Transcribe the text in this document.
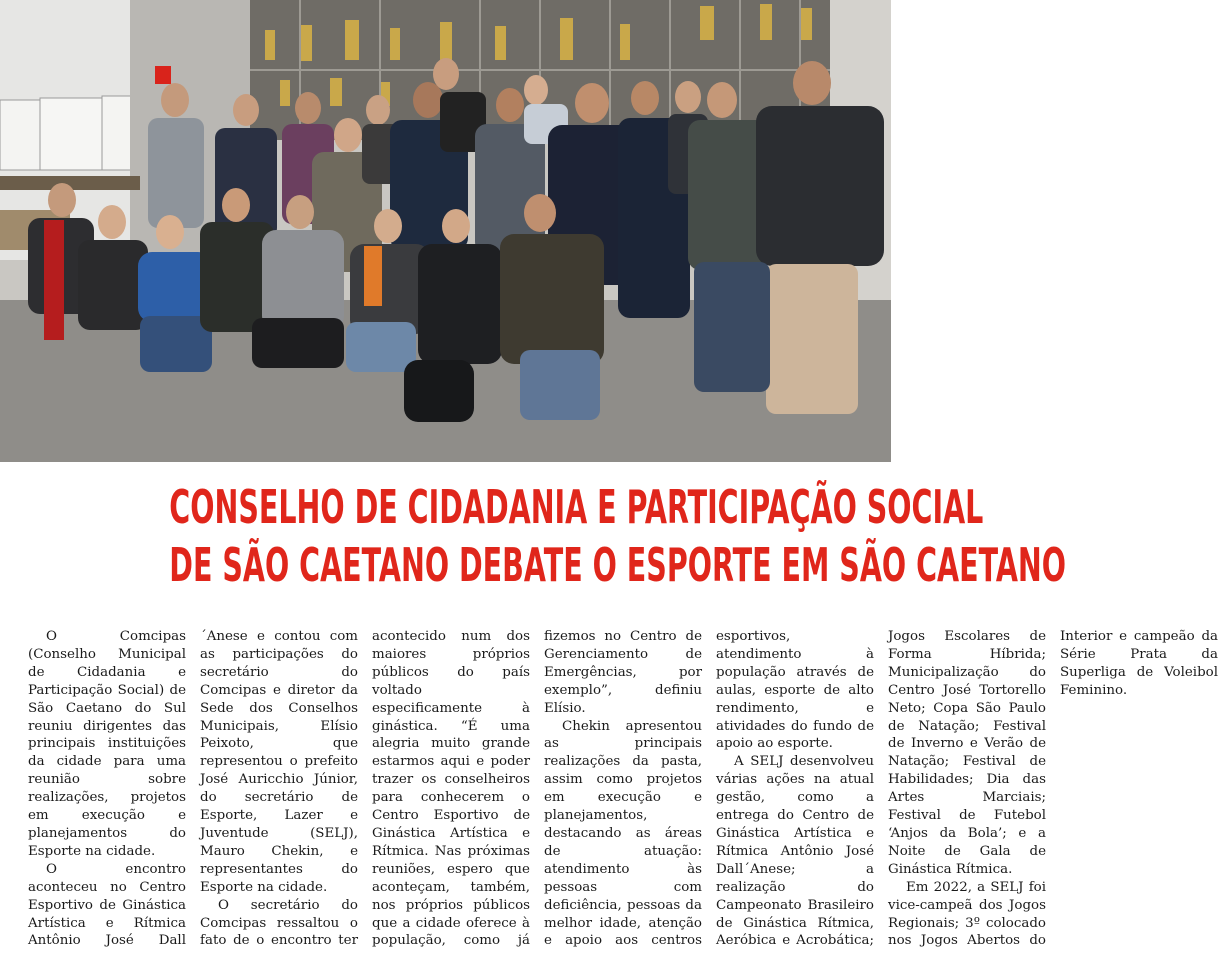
CONSELHO DE CIDADANIA E PARTICIPAÇÃO SOCIAL
DE SÃO CAETANO DEBATE O ESPORTE EM SÃO CAETANO

O Comcipas (Conselho Municipal de Cidadania e Participação Social) de São Caetano do Sul reuniu dirigentes das principais instituições da cidade para uma reunião sobre realizações, projetos em execução e planejamentos do Esporte na cidade.

O encontro aconteceu no Centro Esportivo de Ginástica Artística e Rítmica Antônio José Dall´Anese e contou com as participações do secretário do Comcipas e diretor da Sede dos Conselhos Municipais, Elísio Peixoto, que representou o prefeito José Auricchio Júnior, do secretário de Esporte, Lazer e Juventude (SELJ), Mauro Chekin, e representantes do Esporte na cidade.

O secretário do Comcipas ressaltou o fato de o encontro ter acontecido num dos maiores próprios públicos do país voltado especificamente à ginástica. “É uma alegria muito grande estarmos aqui e poder trazer os conselheiros para conhecerem o Centro Esportivo de Ginástica Artística e Rítmica. Nas próximas reuniões, espero que aconteçam, também, nos próprios públicos que a cidade oferece à população, como já fizemos no Centro de Gerenciamento de Emergências, por exemplo”, definiu Elísio.

Chekin apresentou as principais realizações da pasta, assim como projetos em execução e planejamentos, destacando as áreas de atuação: atendimento às pessoas com deficiência, pessoas da melhor idade, atenção e apoio aos centros esportivos, atendimento à população através de aulas, esporte de alto rendimento, e atividades do fundo de apoio ao esporte.

A SELJ desenvolveu várias ações na atual gestão, como a entrega do Centro de Ginástica Artística e Rítmica Antônio José Dall´Anese; a realização do Campeonato Brasileiro de Ginástica Rítmica, Aeróbica e Acrobática; Jogos Escolares de Forma Híbrida; Municipalização do Centro José Tortorello Neto; Copa São Paulo de Natação; Festival de Inverno e Verão de Natação; Festival de Habilidades; Dia das Artes Marciais; Festival de Futebol ‘Anjos da Bola’; e a Noite de Gala de Ginástica Rítmica.

Em 2022, a SELJ foi vice-campeã dos Jogos Regionais; 3º colocado nos Jogos Abertos do Interior e campeão da Série Prata da Superliga de Voleibol Feminino.
